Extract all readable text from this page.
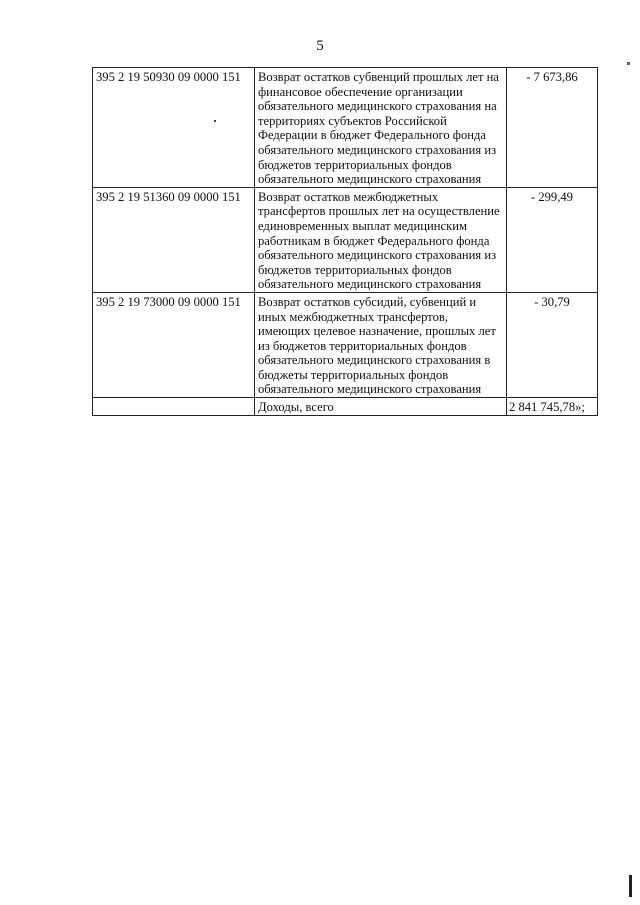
5
395 2 19 50930 09 0000 151	Возврат остатков субвенций прошлых лет на финансовое обеспечение организации обязательного медицинского страхования на территориях субъектов Российской Федерации в бюджет Федерального фонда обязательного медицинского страхования из бюджетов территориальных фондов обязательного медицинского страхования	- 7 673,86
395 2 19 51360 09 0000 151	Возврат остатков межбюджетных трансфертов прошлых лет на осуществление единовременных выплат медицинским работникам в бюджет Федерального фонда обязательного медицинского страхования из бюджетов территориальных фондов обязательного медицинского страхования	- 299,49
395 2 19 73000 09 0000 151	Возврат остатков субсидий, субвенций и иных межбюджетных трансфертов, имеющих целевое назначение, прошлых лет из бюджетов территориальных фондов обязательного медицинского страхования в бюджеты территориальных фондов обязательного медицинского страхования	- 30,79
	Доходы, всего	2 841 745,78»;
